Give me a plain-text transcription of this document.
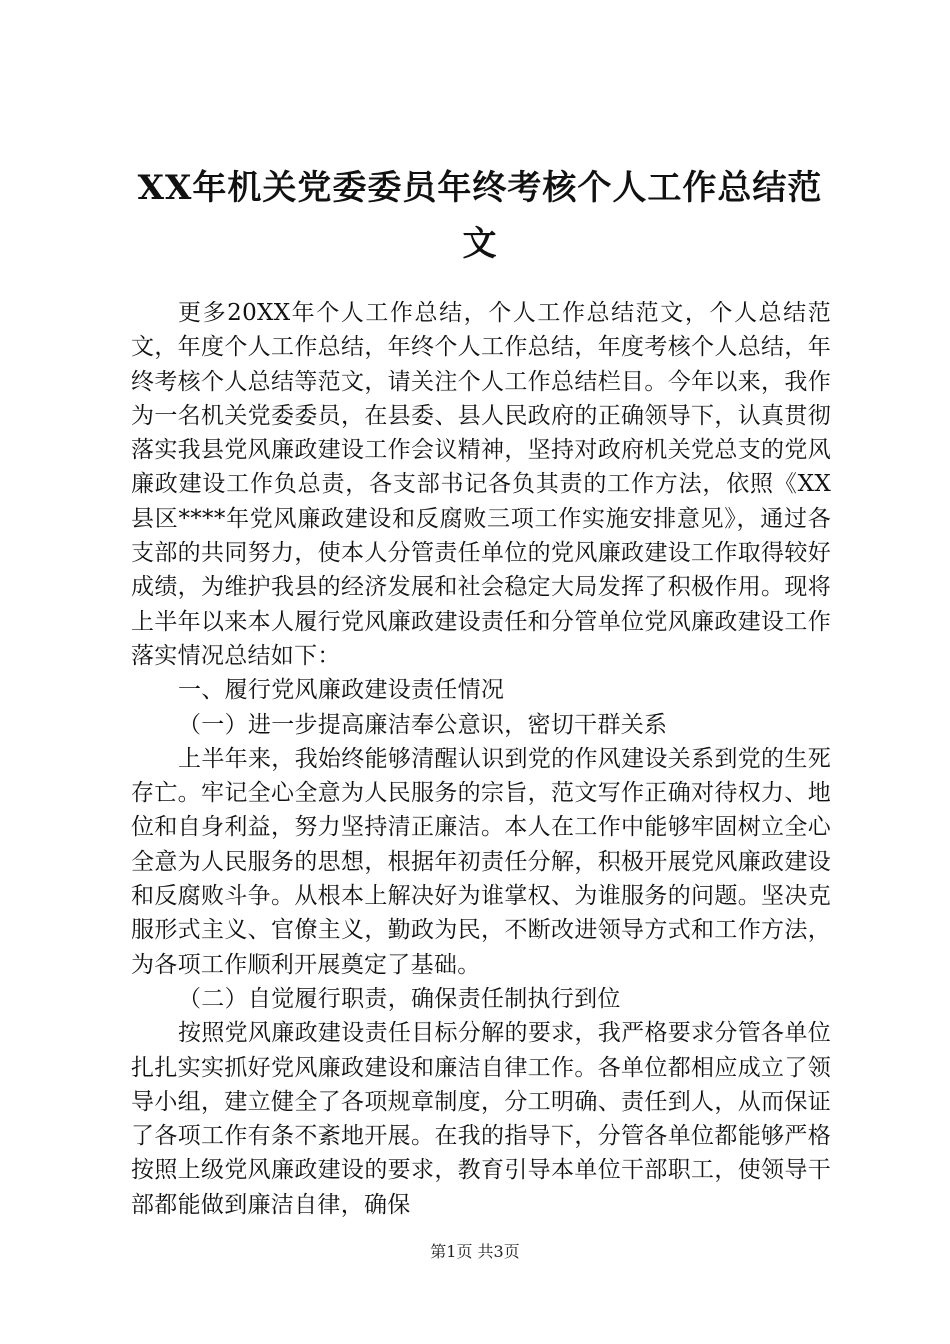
XX年机关党委委员年终考核个人工作总结范文

更多20XX年个人工作总结，个人工作总结范文，个人总结范文，年度个人工作总结，年终个人工作总结，年度考核个人总结，年终考核个人总结等范文，请关注个人工作总结栏目。今年以来，我作为一名机关党委委员，在县委、县人民政府的正确领导下，认真贯彻落实我县党风廉政建设工作会议精神，坚持对政府机关党总支的党风廉政建设工作负总责，各支部书记各负其责的工作方法，依照《XX县区****年党风廉政建设和反腐败三项工作实施安排意见》，通过各支部的共同努力，使本人分管责任单位的党风廉政建设工作取得较好成绩，为维护我县的经济发展和社会稳定大局发挥了积极作用。现将上半年以来本人履行党风廉政建设责任和分管单位党风廉政建设工作落实情况总结如下：

一、履行党风廉政建设责任情况

（一）进一步提高廉洁奉公意识，密切干群关系

上半年来，我始终能够清醒认识到党的作风建设关系到党的生死存亡。牢记全心全意为人民服务的宗旨，范文写作正确对待权力、地位和自身利益，努力坚持清正廉洁。本人在工作中能够牢固树立全心全意为人民服务的思想，根据年初责任分解，积极开展党风廉政建设和反腐败斗争。从根本上解决好为谁掌权、为谁服务的问题。坚决克服形式主义、官僚主义，勤政为民，不断改进领导方式和工作方法，为各项工作顺利开展奠定了基础。

（二）自觉履行职责，确保责任制执行到位

按照党风廉政建设责任目标分解的要求，我严格要求分管各单位扎扎实实抓好党风廉政建设和廉洁自律工作。各单位都相应成立了领导小组，建立健全了各项规章制度，分工明确、责任到人，从而保证了各项工作有条不紊地开展。在我的指导下，分管各单位都能够严格按照上级党风廉政建设的要求，教育引导本单位干部职工，使领导干部都能做到廉洁自律，确保

第1页 共3页
